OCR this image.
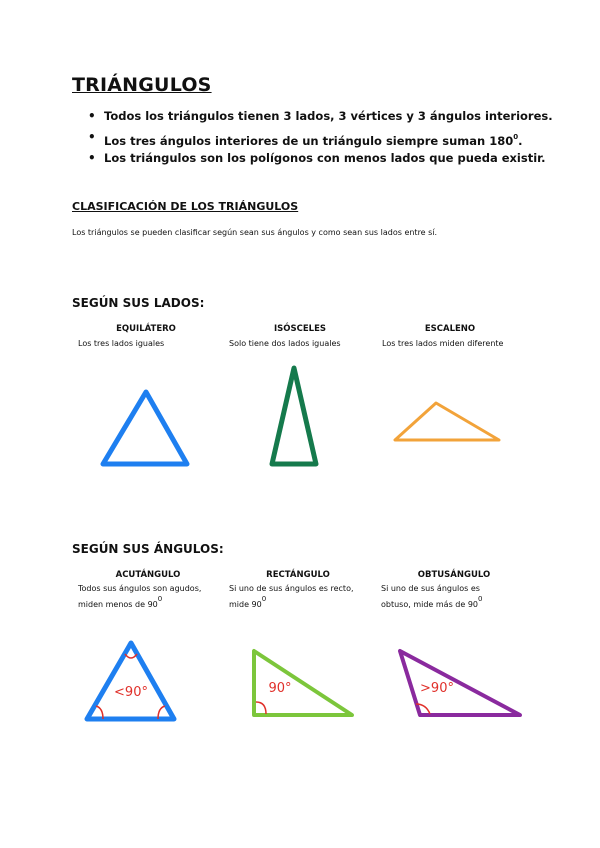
TRIÁNGULOS
• Todos los triángulos tienen 3 lados, 3 vértices y 3 ángulos interiores.
• Los tres ángulos interiores de un triángulo siempre suman $180^0$.
• Los triángulos son los polígonos con menos lados que pueda existir.
CLASIFICACIÓN DE LOS TRIÁNGULOS
Los triángulos se pueden clasificar según sean sus ángulos y como sean sus lados entre sí.
SEGÚN SUS LADOS:
EQUILÁTERO
Los tres lados iguales
ISÓSCELES
Solo tiene dos lados iguales
ESCALENO
Los tres lados miden diferente
SEGÚN SUS ÁNGULOS:
ACUTÁNGULO
Todos sus ángulos son agudos,
miden menos de 900
RECTÁNGULO
Si uno de sus ángulos es recto,
mide 900
OBTUSÁNGULO
Si uno de sus ángulos es
obtuso, mide más de 900
<90°	90°	>90°
